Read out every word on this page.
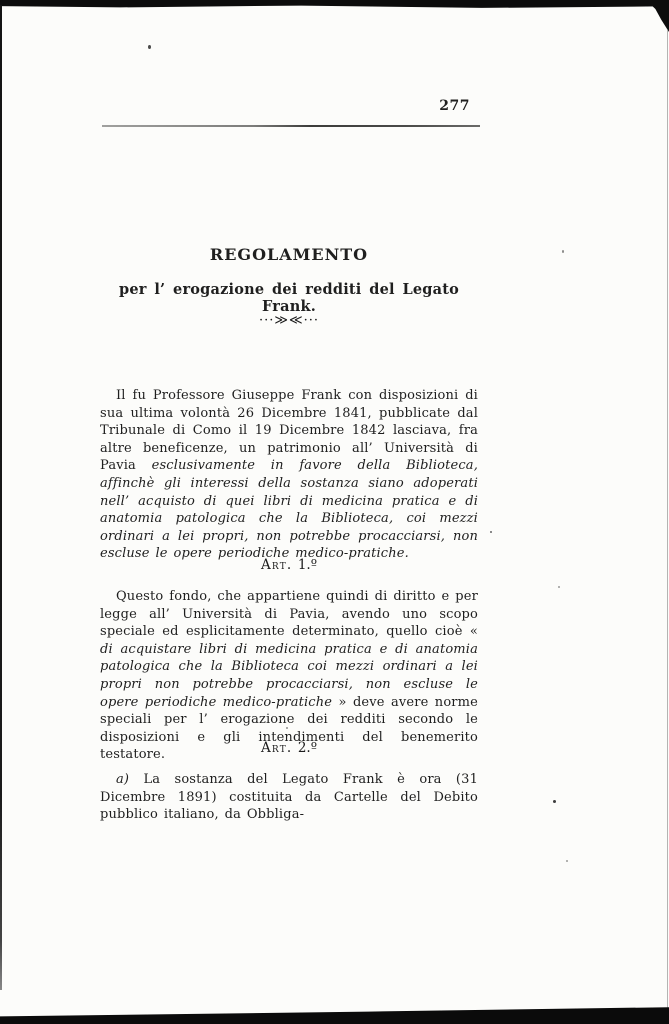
277
REGOLAMENTO
per l’ erogazione dei redditi del Legato Frank.
···≫≪···

Il fu Professore Giuseppe Frank con disposizioni di sua ultima volontà 26 Dicembre 1841, pubblicate dal Tribunale di Como il 19 Dicembre 1842 lasciava, fra altre beneficenze, un patrimonio all’ Università di Pavia esclusivamente in favore della Biblioteca, affinchè gli interessi della sostanza siano adoperati nell’ acquisto di quei libri di medicina pratica e di anatomia patologica che la Biblioteca, coi mezzi ordinari a lei propri, non potrebbe procacciarsi, non escluse le opere periodiche medico-pratiche.

Art. 1.º

Questo fondo, che appartiene quindi di diritto e per legge all’ Università di Pavia, avendo uno scopo speciale ed esplicitamente determinato, quello cioè « di acquistare libri di medicina pratica e di anatomia patologica che la Biblioteca coi mezzi ordinari a lei propri non potrebbe procacciarsi, non escluse le opere periodiche medico-pratiche » deve avere norme speciali per l’ erogazione dei redditi secondo le disposizioni e gli intendimenti del benemerito testatore.	Art. 2.º

a) La sostanza del Legato Frank è ora (31 Dicembre 1891) costituita da Cartelle del Debito pubblico italiano, da Obbliga-
